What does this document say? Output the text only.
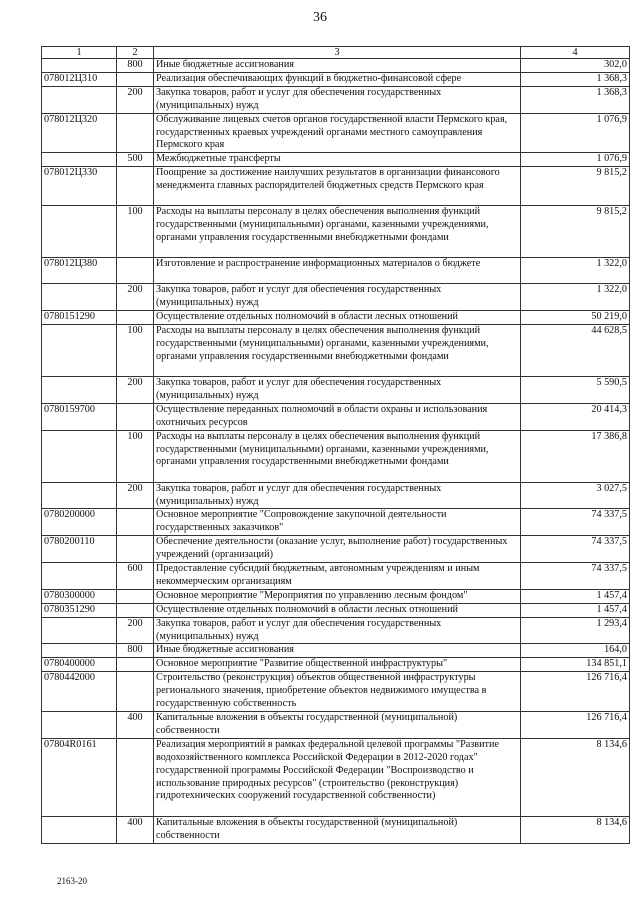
36
1	2	3	4
	800	Иные бюджетные ассигнования	302,0
078012Ц310		Реализация обеспечивающих функций в бюджетно-финансовой сфере	1 368,3
	200	Закупка товаров, работ и услуг для обеспечения государственных (муниципальных) нужд	1 368,3
078012Ц320		Обслуживание лицевых счетов органов государственной власти Пермского края, государственных краевых учреждений органами местного самоуправления Пермского края	1 076,9
	500	Межбюджетные трансферты	1 076,9
078012Ц330		Поощрение за достижение наилучших результатов в организации финансового менеджмента главных распорядителей бюджетных средств Пермского края	9 815,2
	100	Расходы на выплаты персоналу в целях обеспечения выполнения функций государственными (муниципальными) органами, казенными учреждениями, органами управления государственными внебюджетными фондами	9 815,2
078012Ц380		Изготовление и распространение информационных материалов о бюджете	1 322,0
	200	Закупка товаров, работ и услуг для обеспечения государственных (муниципальных) нужд	1 322,0
0780151290		Осуществление отдельных полномочий в области лесных отношений	50 219,0
	100	Расходы на выплаты персоналу в целях обеспечения выполнения функций государственными (муниципальными) органами, казенными учреждениями, органами управления государственными внебюджетными фондами	44 628,5
	200	Закупка товаров, работ и услуг для обеспечения государственных (муниципальных) нужд	5 590,5
0780159700		Осуществление переданных полномочий в области охраны и использования охотничьих ресурсов	20 414,3
	100	Расходы на выплаты персоналу в целях обеспечения выполнения функций государственными (муниципальными) органами, казенными учреждениями, органами управления государственными внебюджетными фондами	17 386,8
	200	Закупка товаров, работ и услуг для обеспечения государственных (муниципальных) нужд	3 027,5
0780200000		Основное мероприятие "Сопровождение закупочной деятельности государственных заказчиков"	74 337,5
0780200110		Обеспечение деятельности (оказание услуг, выполнение работ) государственных учреждений (организаций)	74 337,5
	600	Предоставление субсидий бюджетным, автономным учреждениям и иным некоммерческим организациям	74 337,5
0780300000		Основное мероприятие "Мероприятия по управлению лесным фондом"	1 457,4
0780351290		Осуществление отдельных полномочий в области лесных отношений	1 457,4
	200	Закупка товаров, работ и услуг для обеспечения государственных (муниципальных) нужд	1 293,4
	800	Иные бюджетные ассигнования	164,0
0780400000		Основное мероприятие "Развитие общественной инфраструктуры"	134 851,1
0780442000		Строительство (реконструкция) объектов общественной инфраструктуры регионального значения, приобретение объектов недвижимого имущества в государственную собственность	126 716,4
	400	Капитальные вложения в объекты государственной (муниципальной) собственности	126 716,4
07804R0161		Реализация мероприятий в рамках федеральной целевой программы "Развитие водохозяйственного комплекса Российской Федерации в 2012-2020 годах" государственной программы Российской Федерации "Воспроизводство и использование природных ресурсов" (строительство (реконструкция) гидротехнических сооружений государственной собственности)	8 134,6
	400	Капитальные вложения в объекты государственной (муниципальной) собственности	8 134,6
2163-20
